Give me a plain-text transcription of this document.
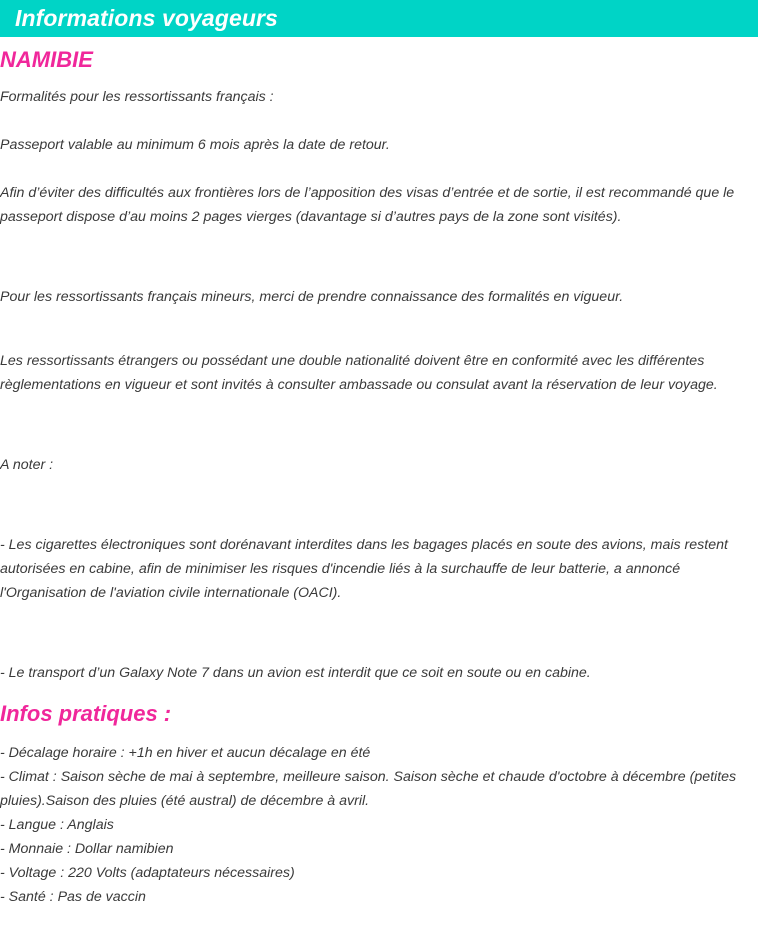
Informations voyageurs
NAMIBIE

Formalités pour les ressortissants français :

Passeport valable au minimum 6 mois après la date de retour.

Afin d’éviter des difficultés aux frontières lors de l’apposition des visas d’entrée et de sortie, il est recommandé que le passeport dispose d’au moins 2 pages vierges (davantage si d’autres pays de la zone sont visités).

Pour les ressortissants français mineurs, merci de prendre connaissance des formalités en vigueur.

Les ressortissants étrangers ou possédant une double nationalité doivent être en conformité avec les différentes règlementations en vigueur et sont invités à consulter ambassade ou consulat avant la réservation de leur voyage.

A noter :

- Les cigarettes électroniques sont dorénavant interdites dans les bagages placés en soute des avions, mais restent autorisées en cabine, afin de minimiser les risques d'incendie liés à la surchauffe de leur batterie, a annoncé l'Organisation de l'aviation civile internationale (OACI).

- Le transport d’un Galaxy Note 7 dans un avion est interdit que ce soit en soute ou en cabine.

Infos pratiques :
- Décalage horaire : +1h en hiver et aucun décalage en été
- Climat : Saison sèche de mai à septembre, meilleure saison. Saison sèche et chaude d'octobre à décembre (petites pluies).Saison des pluies (été austral) de décembre à avril.
- Langue : Anglais
- Monnaie : Dollar namibien
- Voltage : 220 Volts (adaptateurs nécessaires)
- Santé : Pas de vaccin
